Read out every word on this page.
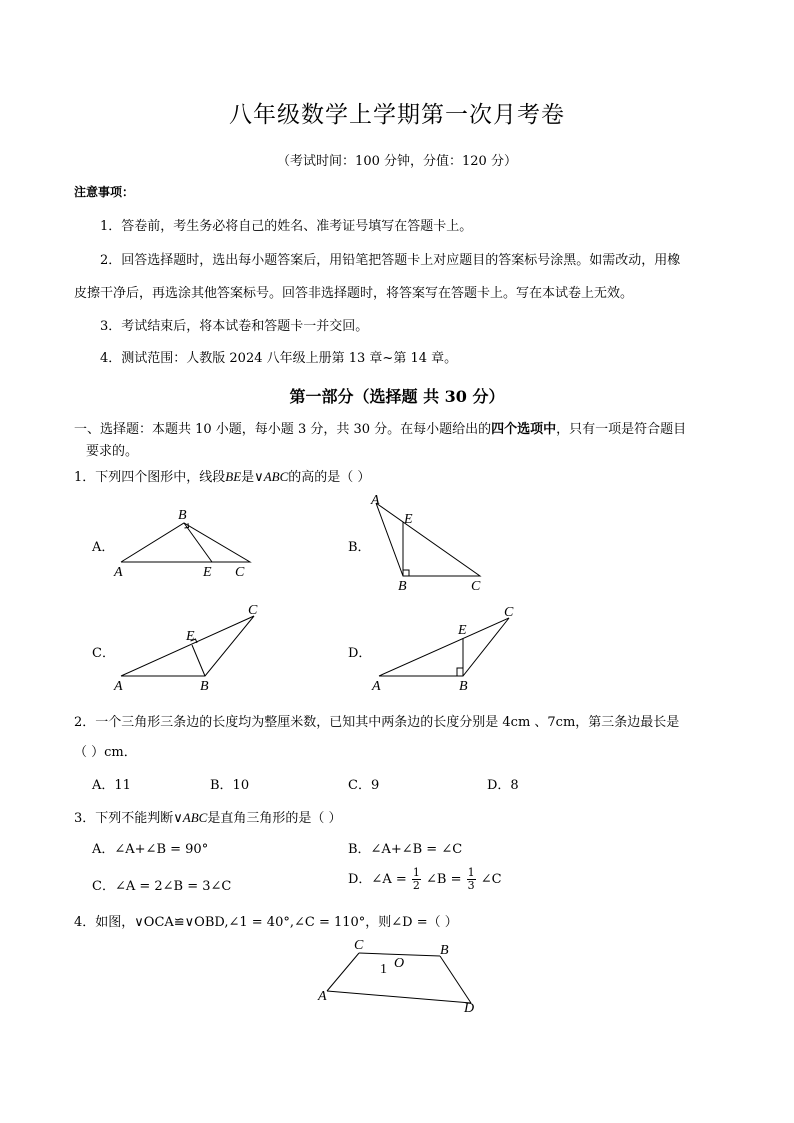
八年级数学上学期第一次月考卷
（考试时间：100 分钟，分值：120 分）
注意事项：
1．答卷前，考生务必将自己的姓名、准考证号填写在答题卡上。
2．回答选择题时，选出每小题答案后，用铅笔把答题卡上对应题目的答案标号涂黑。如需改动，用橡
皮擦干净后，再选涂其他答案标号。回答非选择题时，将答案写在答题卡上。写在本试卷上无效。
3．考试结束后，将本试卷和答题卡一并交回。
4．测试范围：人教版 2024 八年级上册第 13 章~第 14 章。
第一部分（选择题 共 30 分）
一、选择题：本题共 10 小题，每小题 3 分，共 30 分。在每小题给出的四个选项中，只有一项是符合题目
要求的。
1．下列四个图形中，线段BE是∨ABC的高的是（ ）
A．	B．
C．	D．
B
A	E C
A
E
B	C
C
E
A	B
C
E
A	B
2．一个三角形三条边的长度均为整厘米数，已知其中两条边的长度分别是 4cm 、7cm，第三条边最长是
（ ）cm．
A．11	B．10	C．9	D．8
3．下列不能判断∨ABC是直角三角形的是（ ）
A．∠A+∠B = 90°	B．∠A+∠B = ∠C
C．∠A = 2∠B = 3∠C	D．∠A = $\frac{1}{2}$ ∠B = $\frac{1}{3}$ ∠C
4．如图，∨OCA≌∨OBD,∠1 = 40°,∠C = 110°，则∠D =（ ）
C
O
B
1
A
D
